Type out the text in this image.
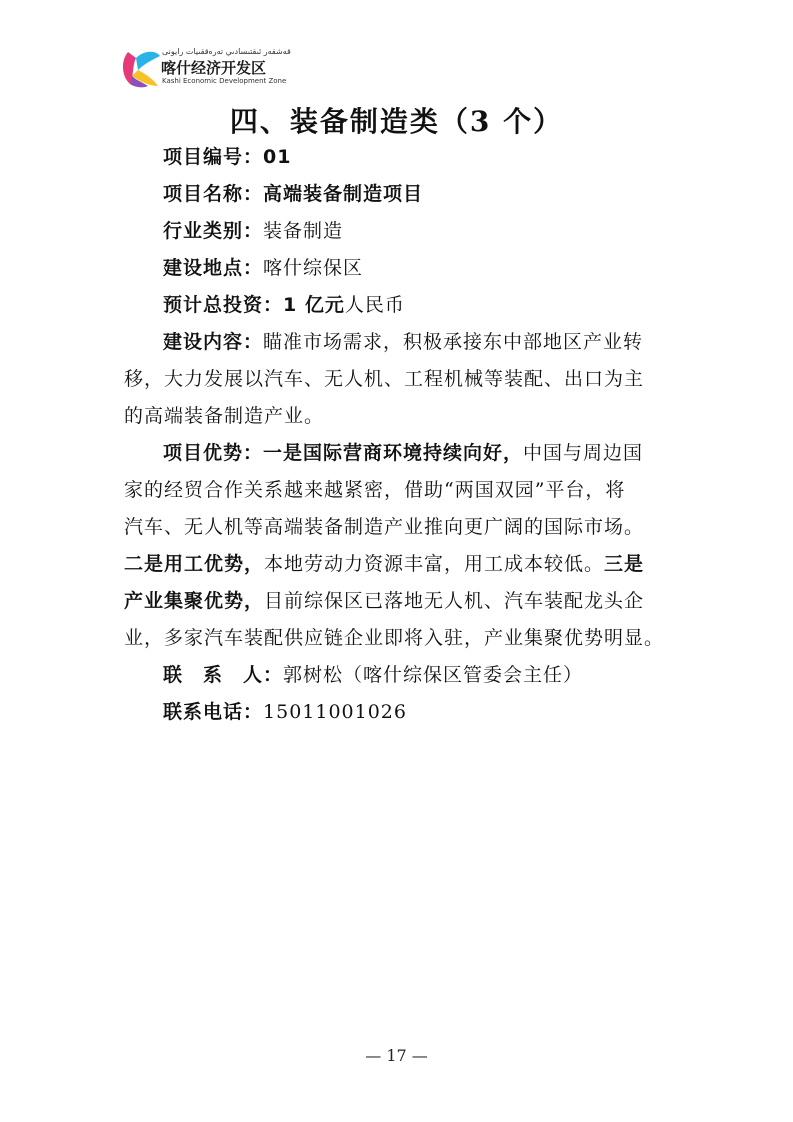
قەشقەر ئىقتىسادىي تەرەققىيات رايونى
喀什经济开发区
Kashi Economic Development Zone
四、装备制造类（3 个）
项目编号：01
项目名称：高端装备制造项目
行业类别：装备制造
建设地点：喀什综保区
预计总投资：1 亿元人民币
建设内容：瞄准市场需求，积极承接东中部地区产业转
移，大力发展以汽车、无人机、工程机械等装配、出口为主
的高端装备制造产业。
项目优势：一是国际营商环境持续向好，中国与周边国
家的经贸合作关系越来越紧密，借助“两国双园”平台，将
汽车、无人机等高端装备制造产业推向更广阔的国际市场。
二是用工优势，本地劳动力资源丰富，用工成本较低。三是
产业集聚优势，目前综保区已落地无人机、汽车装配龙头企
业，多家汽车装配供应链企业即将入驻，产业集聚优势明显。
联　系　人：郭树松（喀什综保区管委会主任）
联系电话：15011001026
— 17 —
